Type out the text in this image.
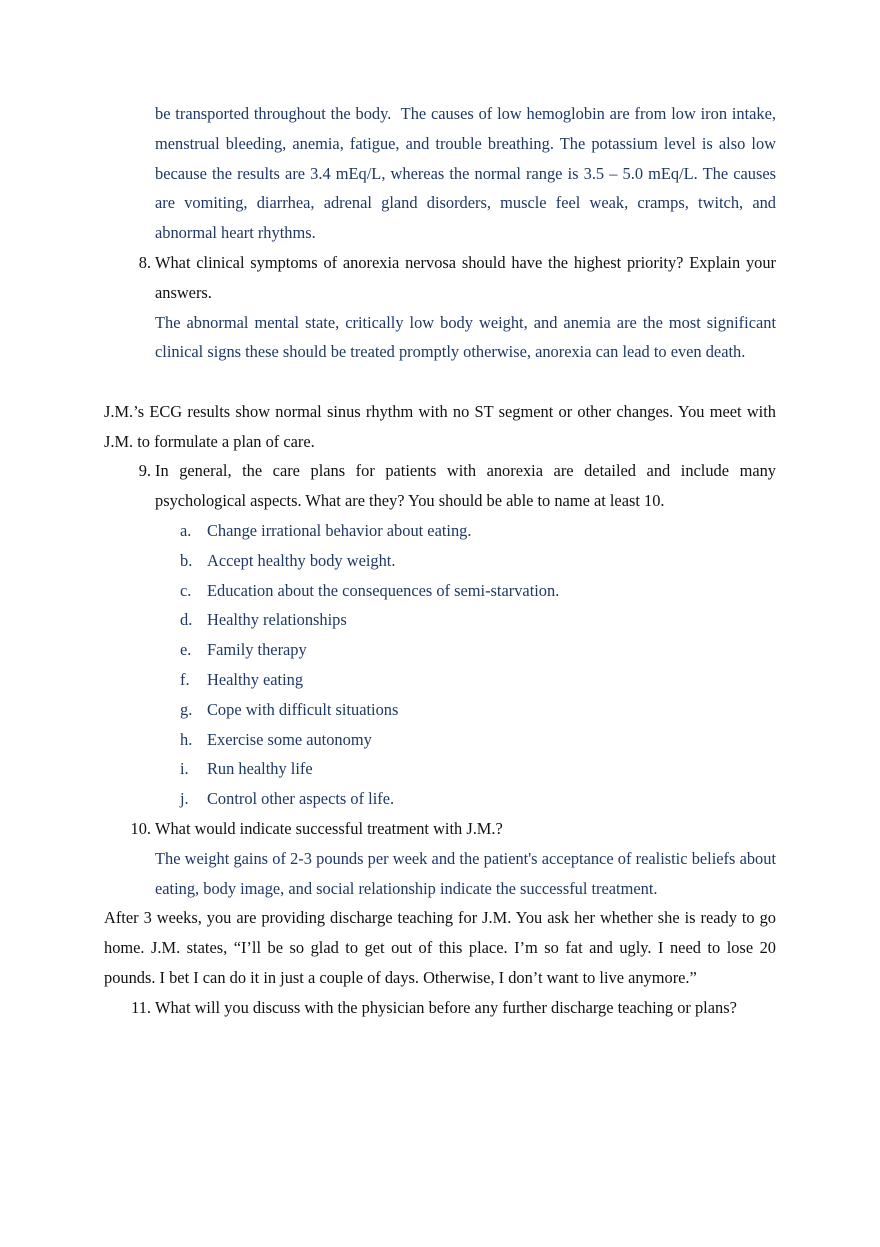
be transported throughout the body.  The causes of low hemoglobin are from low iron intake, menstrual bleeding, anemia, fatigue, and trouble breathing. The potassium level is also low because the results are 3.4 mEq/L, whereas the normal range is 3.5 – 5.0 mEq/L. The causes are vomiting, diarrhea, adrenal gland disorders, muscle feel weak, cramps, twitch, and abnormal heart rhythms.
8. What clinical symptoms of anorexia nervosa should have the highest priority? Explain your answers.
The abnormal mental state, critically low body weight, and anemia are the most significant clinical signs these should be treated promptly otherwise, anorexia can lead to even death.
J.M.’s ECG results show normal sinus rhythm with no ST segment or other changes. You meet with J.M. to formulate a plan of care.
9. In general, the care plans for patients with anorexia are detailed and include many psychological aspects. What are they? You should be able to name at least 10.
a. Change irrational behavior about eating.
b. Accept healthy body weight.
c. Education about the consequences of semi-starvation.
d. Healthy relationships
e. Family therapy
f. Healthy eating
g. Cope with difficult situations
h. Exercise some autonomy
i. Run healthy life
j. Control other aspects of life.
10. What would indicate successful treatment with J.M.?
The weight gains of 2-3 pounds per week and the patient's acceptance of realistic beliefs about eating, body image, and social relationship indicate the successful treatment.
After 3 weeks, you are providing discharge teaching for J.M. You ask her whether she is ready to go home. J.M. states, “I’ll be so glad to get out of this place. I’m so fat and ugly. I need to lose 20 pounds. I bet I can do it in just a couple of days. Otherwise, I don’t want to live anymore.”
11. What will you discuss with the physician before any further discharge teaching or plans?
